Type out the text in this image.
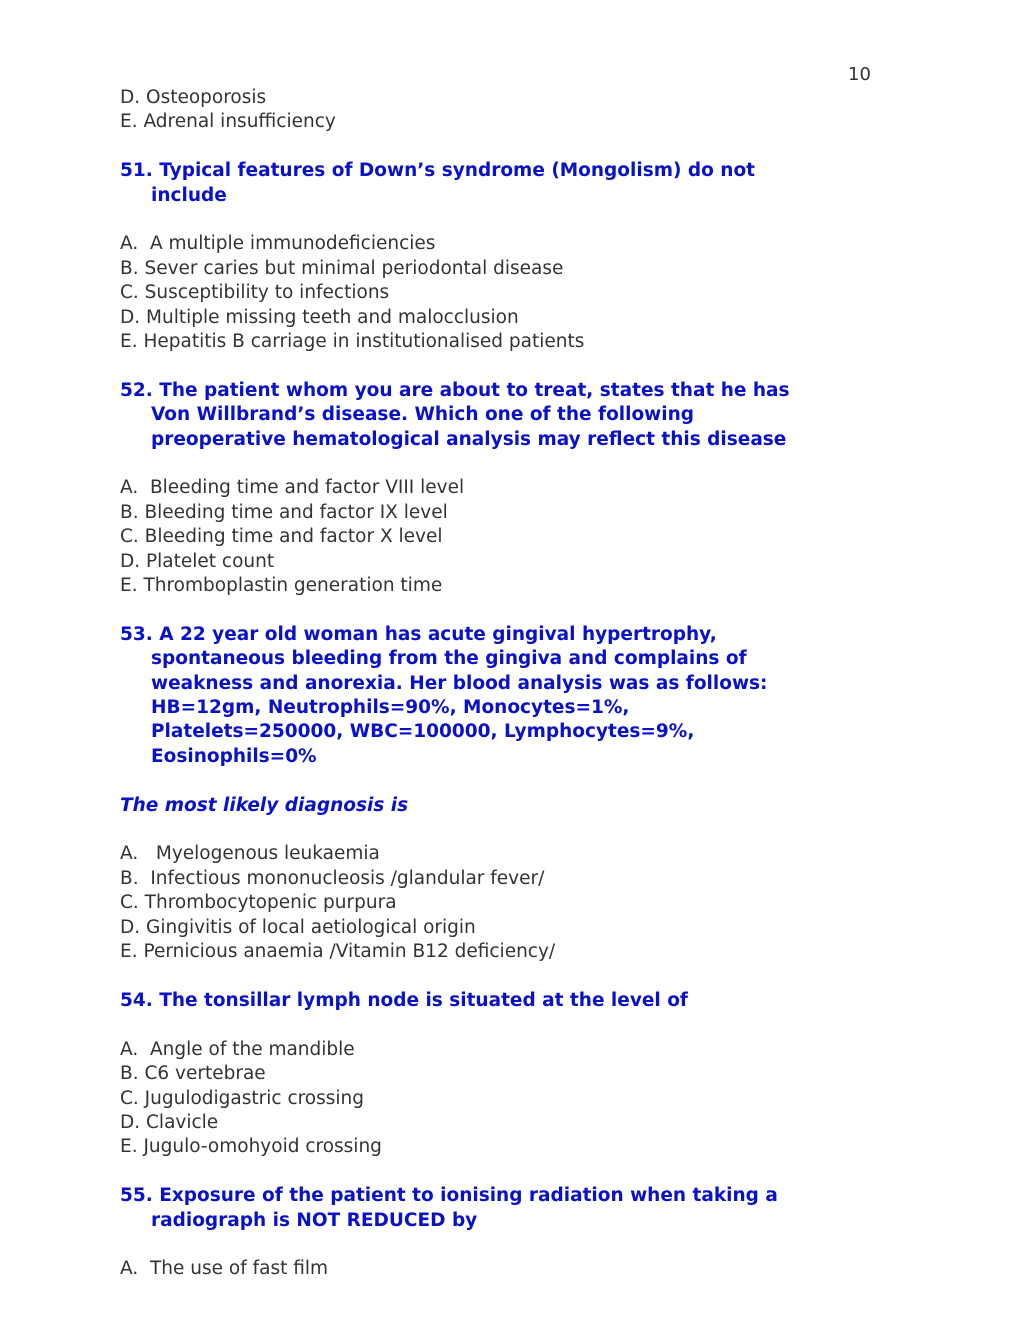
10

D. Osteoporosis

E. Adrenal insufficiency

51. Typical features of Down’s syndrome (Mongolism) do not
include

A.  A multiple immunodeficiencies

B. Sever caries but minimal periodontal disease

C. Susceptibility to infections

D. Multiple missing teeth and malocclusion

E. Hepatitis B carriage in institutionalised patients

52. The patient whom you are about to treat, states that he has
Von Willbrand’s disease. Which one of the following
preoperative hematological analysis may reflect this disease

A.  Bleeding time and factor VIII level

B. Bleeding time and factor IX level

C. Bleeding time and factor X level

D. Platelet count

E. Thromboplastin generation time

53. A 22 year old woman has acute gingival hypertrophy,
spontaneous bleeding from the gingiva and complains of
weakness and anorexia. Her blood analysis was as follows:
HB=12gm, Neutrophils=90%, Monocytes=1%,
Platelets=250000, WBC=100000, Lymphocytes=9%,
Eosinophils=0%

The most likely diagnosis is

A.   Myelogenous leukaemia

B.  Infectious mononucleosis /glandular fever/

C. Thrombocytopenic purpura

D. Gingivitis of local aetiological origin

E. Pernicious anaemia /Vitamin B12 deficiency/

54. The tonsillar lymph node is situated at the level of

A.  Angle of the mandible

B. C6 vertebrae

C. Jugulodigastric crossing

D. Clavicle

E. Jugulo-omohyoid crossing

55. Exposure of the patient to ionising radiation when taking a
radiograph is NOT REDUCED by

A.  The use of fast film
